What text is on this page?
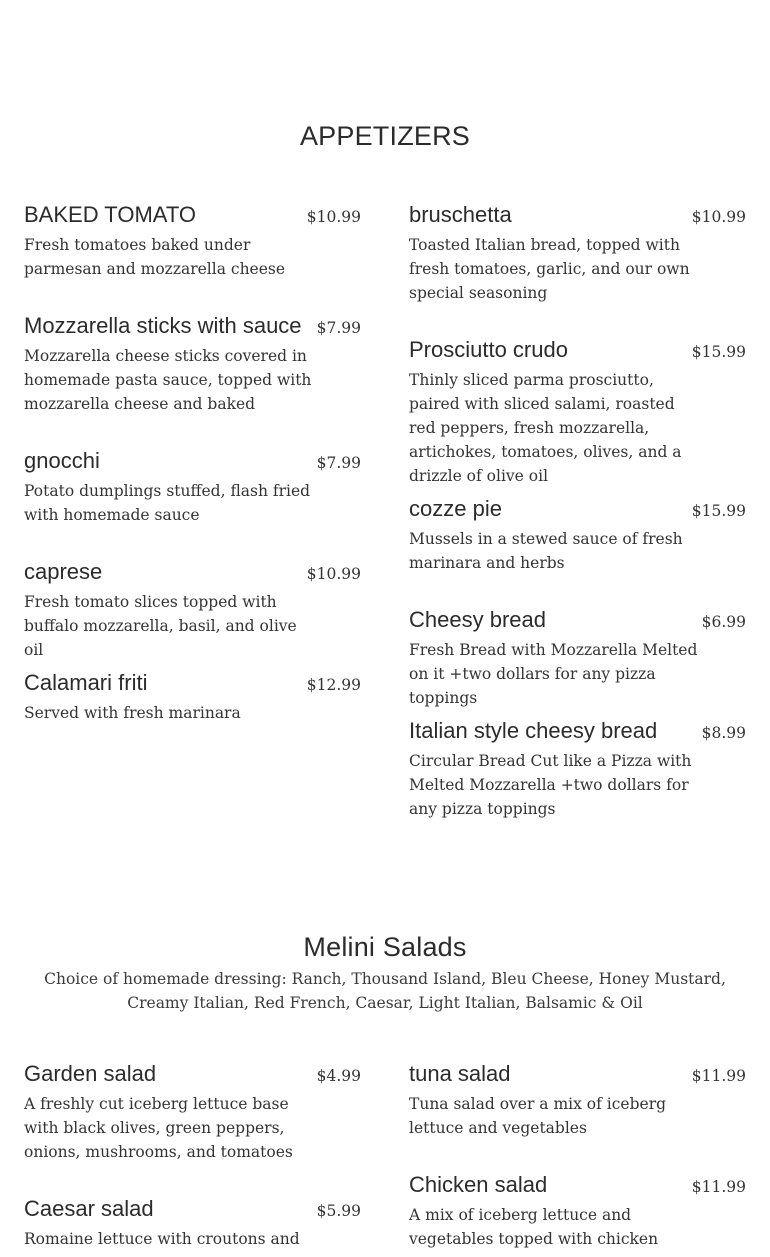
APPETIZERS
BAKED TOMATO	$10.99
Fresh tomatoes baked under parmesan and mozzarella cheese
Mozzarella sticks with sauce $7.99
Mozzarella cheese sticks covered in homemade pasta sauce, topped with mozzarella cheese and baked
gnocchi	$7.99
Potato dumplings stuffed, flash fried with homemade sauce
caprese	$10.99
Fresh tomato slices topped with buffalo mozzarella, basil, and olive oil
Calamari friti	$12.99
Served with fresh marinara
bruschetta	$10.99
Toasted Italian bread, topped with fresh tomatoes, garlic, and our own special seasoning
Prosciutto crudo	$15.99
Thinly sliced parma prosciutto, paired with sliced salami, roasted red peppers, fresh mozzarella, artichokes, tomatoes, olives, and a drizzle of olive oil
cozze pie	$15.99
Mussels in a stewed sauce of fresh marinara and herbs
Cheesy bread	$6.99
Fresh Bread with Mozzarella Melted on it +two dollars for any pizza toppings
Italian style cheesy bread	$8.99
Circular Bread Cut like a Pizza with Melted Mozzarella +two dollars for any pizza toppings
Melini Salads

Choice of homemade dressing: Ranch, Thousand Island, Bleu Cheese, Honey Mustard, Creamy Italian, Red French, Caesar, Light Italian, Balsamic & Oil

Garden salad	$4.99
A freshly cut iceberg lettuce base with black olives, green peppers, onions, mushrooms, and tomatoes
Caesar salad	$5.99
Romaine lettuce with croutons and
tuna salad	$11.99
Tuna salad over a mix of iceberg lettuce and vegetables
Chicken salad	$11.99
A mix of iceberg lettuce and vegetables topped with chicken
